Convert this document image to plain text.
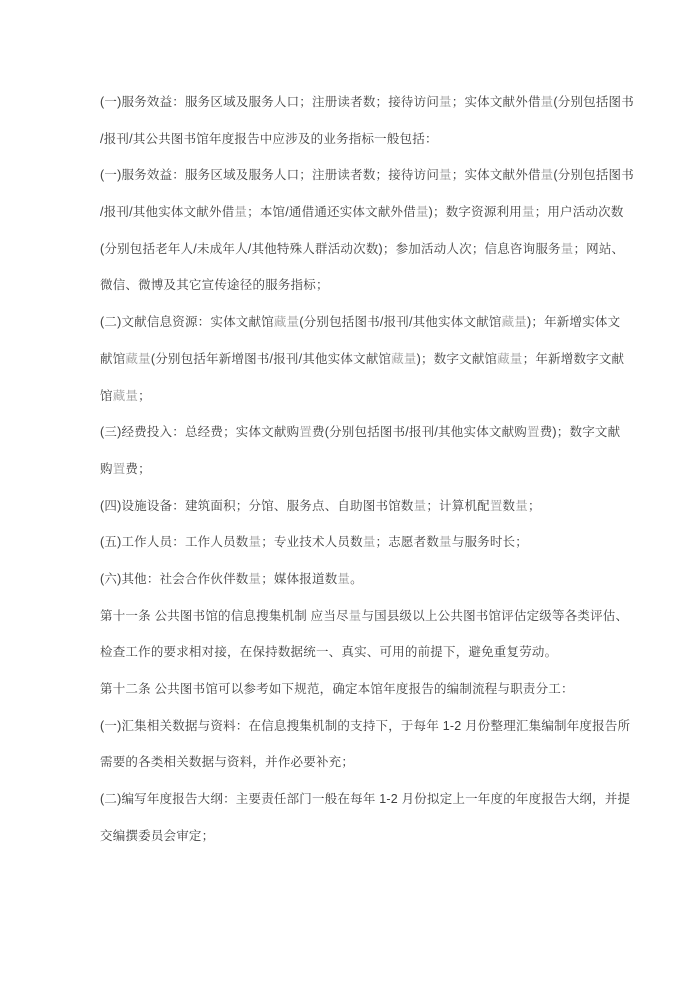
(一)服务效益：服务区域及服务人口；注册读者数；接待访问量；实体文献外借量(分别包括图书
/报刊/其公共图书馆年度报告中应涉及的业务指标一般包括：
(一)服务效益：服务区域及服务人口；注册读者数；接待访问量；实体文献外借量(分别包括图书
/报刊/其他实体文献外借量；本馆/通借通还实体文献外借量)；数字资源利用量；用户活动次数
(分别包括老年人/未成年人/其他特殊人群活动次数)；参加活动人次；信息咨询服务量；网站、
微信、微博及其它宣传途径的服务指标；
(二)文献信息资源：实体文献馆藏量(分别包括图书/报刊/其他实体文献馆藏量)；年新增实体文
献馆藏量(分别包括年新增图书/报刊/其他实体文献馆藏量)；数字文献馆藏量；年新增数字文献
馆藏量；
(三)经费投入：总经费；实体文献购置费(分别包括图书/报刊/其他实体文献购置费)；数字文献
购置费；
(四)设施设备：建筑面积；分馆、服务点、自助图书馆数量；计算机配置数量；
(五)工作人员：工作人员数量；专业技术人员数量；志愿者数量与服务时长；
(六)其他：社会合作伙伴数量；媒体报道数量。
第十一条 公共图书馆的信息搜集机制 应当尽量与国县级以上公共图书馆评估定级等各类评估、
检查工作的要求相对接，在保持数据统一、真实、可用的前提下，避免重复劳动。
第十二条 公共图书馆可以参考如下规范，确定本馆年度报告的编制流程与职责分工：
(一)汇集相关数据与资料：在信息搜集机制的支持下，于每年 1-2 月份整理汇集编制年度报告所
需要的各类相关数据与资料，并作必要补充；
(二)编写年度报告大纲：主要责任部门一般在每年 1-2 月份拟定上一年度的年度报告大纲，并提
交编撰委员会审定；
